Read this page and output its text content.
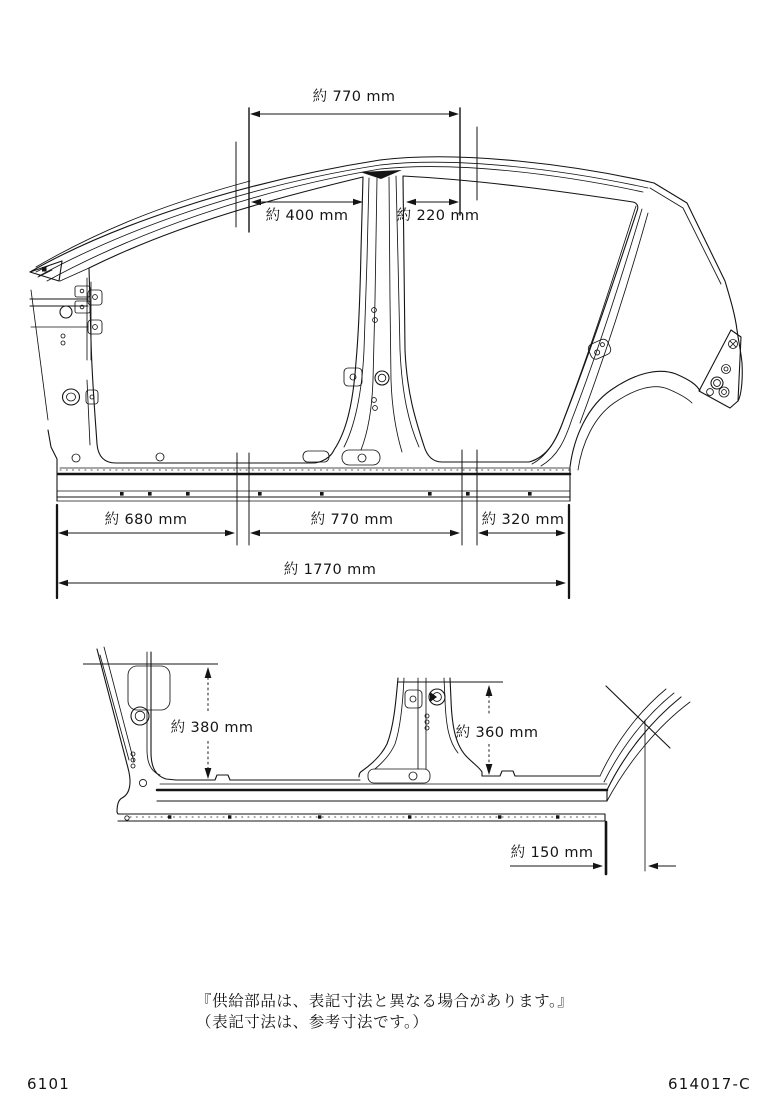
約 770 mm
約 400 mm	約 220 mm
約 680 mm	約 770 mm	約 320 mm
約 1770 mm
約 380 mm	約 360 mm
約 150 mm
『供給部品は、表記寸法と異なる場合があります。』
（表記寸法は、参考寸法です。）
6101	614017-C
